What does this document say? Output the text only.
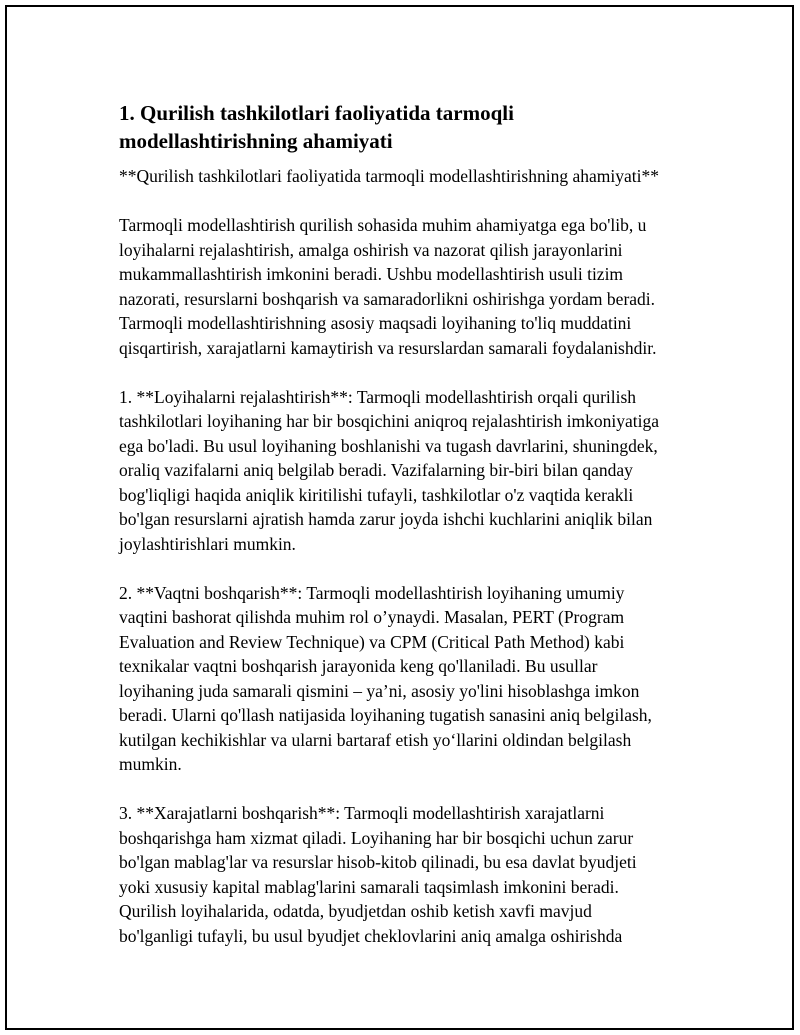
1. Qurilish tashkilotlari faoliyatida tarmoqli
modellashtirishning ahamiyati

**Qurilish tashkilotlari faoliyatida tarmoqli modellashtirishning ahamiyati**

Tarmoqli modellashtirish qurilish sohasida muhim ahamiyatga ega bo'lib, u
loyihalarni rejalashtirish, amalga oshirish va nazorat qilish jarayonlarini
mukammallashtirish imkonini beradi. Ushbu modellashtirish usuli tizim
nazorati, resurslarni boshqarish va samaradorlikni oshirishga yordam beradi.
Tarmoqli modellashtirishning asosiy maqsadi loyihaning to'liq muddatini
qisqartirish, xarajatlarni kamaytirish va resurslardan samarali foydalanishdir.

1. **Loyihalarni rejalashtirish**: Tarmoqli modellashtirish orqali qurilish
tashkilotlari loyihaning har bir bosqichini aniqroq rejalashtirish imkoniyatiga
ega bo'ladi. Bu usul loyihaning boshlanishi va tugash davrlarini, shuningdek,
oraliq vazifalarni aniq belgilab beradi. Vazifalarning bir-biri bilan qanday
bog'liqligi haqida aniqlik kiritilishi tufayli, tashkilotlar o'z vaqtida kerakli
bo'lgan resurslarni ajratish hamda zarur joyda ishchi kuchlarini aniqlik bilan
joylashtirishlari mumkin.

2. **Vaqtni boshqarish**: Tarmoqli modellashtirish loyihaning umumiy
vaqtini bashorat qilishda muhim rol o’ynaydi. Masalan, PERT (Program
Evaluation and Review Technique) va CPM (Critical Path Method) kabi
texnikalar vaqtni boshqarish jarayonida keng qo'llaniladi. Bu usullar
loyihaning juda samarali qismini – ya’ni, asosiy yo'lini hisoblashga imkon
beradi. Ularni qo'llash natijasida loyihaning tugatish sanasini aniq belgilash,
kutilgan kechikishlar va ularni bartaraf etish yo‘llarini oldindan belgilash
mumkin.

3. **Xarajatlarni boshqarish**: Tarmoqli modellashtirish xarajatlarni
boshqarishga ham xizmat qiladi. Loyihaning har bir bosqichi uchun zarur
bo'lgan mablag'lar va resurslar hisob-kitob qilinadi, bu esa davlat byudjeti
yoki xususiy kapital mablag'larini samarali taqsimlash imkonini beradi.
Qurilish loyihalarida, odatda, byudjetdan oshib ketish xavfi mavjud
bo'lganligi tufayli, bu usul byudjet cheklovlarini aniq amalga oshirishda
